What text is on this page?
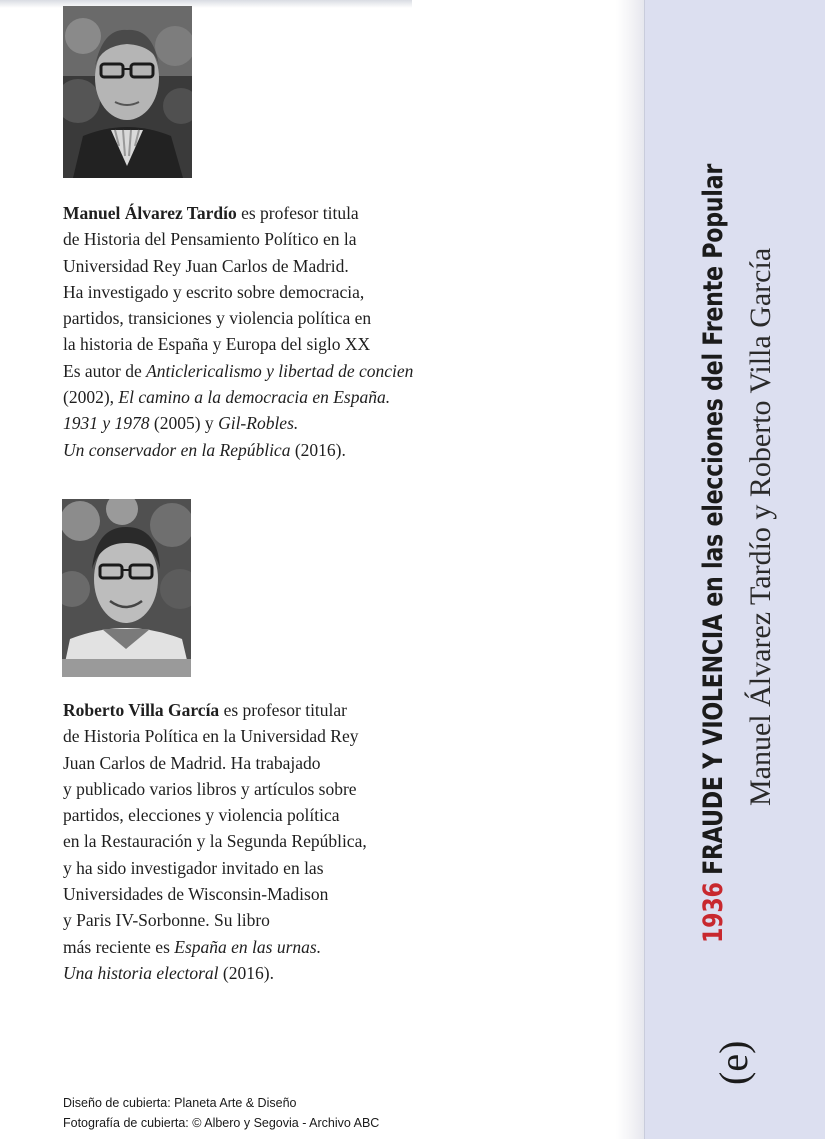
Manuel Álvarez Tardío es profesor titula
de Historia del Pensamiento Político en la
Universidad Rey Juan Carlos de Madrid.
Ha investigado y escrito sobre democracia,
partidos, transiciones y violencia política en
la historia de España y Europa del siglo XX
Es autor de Anticlericalismo y libertad de concien
(2002), El camino a la democracia en España.
1931 y 1978 (2005) y Gil-Robles.
Un conservador en la República (2016).
Roberto Villa García es profesor titular
de Historia Política en la Universidad Rey
Juan Carlos de Madrid. Ha trabajado
y publicado varios libros y artículos sobre
partidos, elecciones y violencia política
en la Restauración y la Segunda República,
y ha sido investigador invitado en las
Universidades de Wisconsin-Madison
y Paris IV-Sorbonne. Su libro
más reciente es España en las urnas.
Una historia electoral (2016).
Diseño de cubierta: Planeta Arte & Diseño
Fotografía de cubierta: © Albero y Segovia - Archivo ABC
(e)
1936 FRAUDE Y VIOLENCIA en las elecciones del Frente Popular Manuel Álvarez Tardío y Roberto Villa García
